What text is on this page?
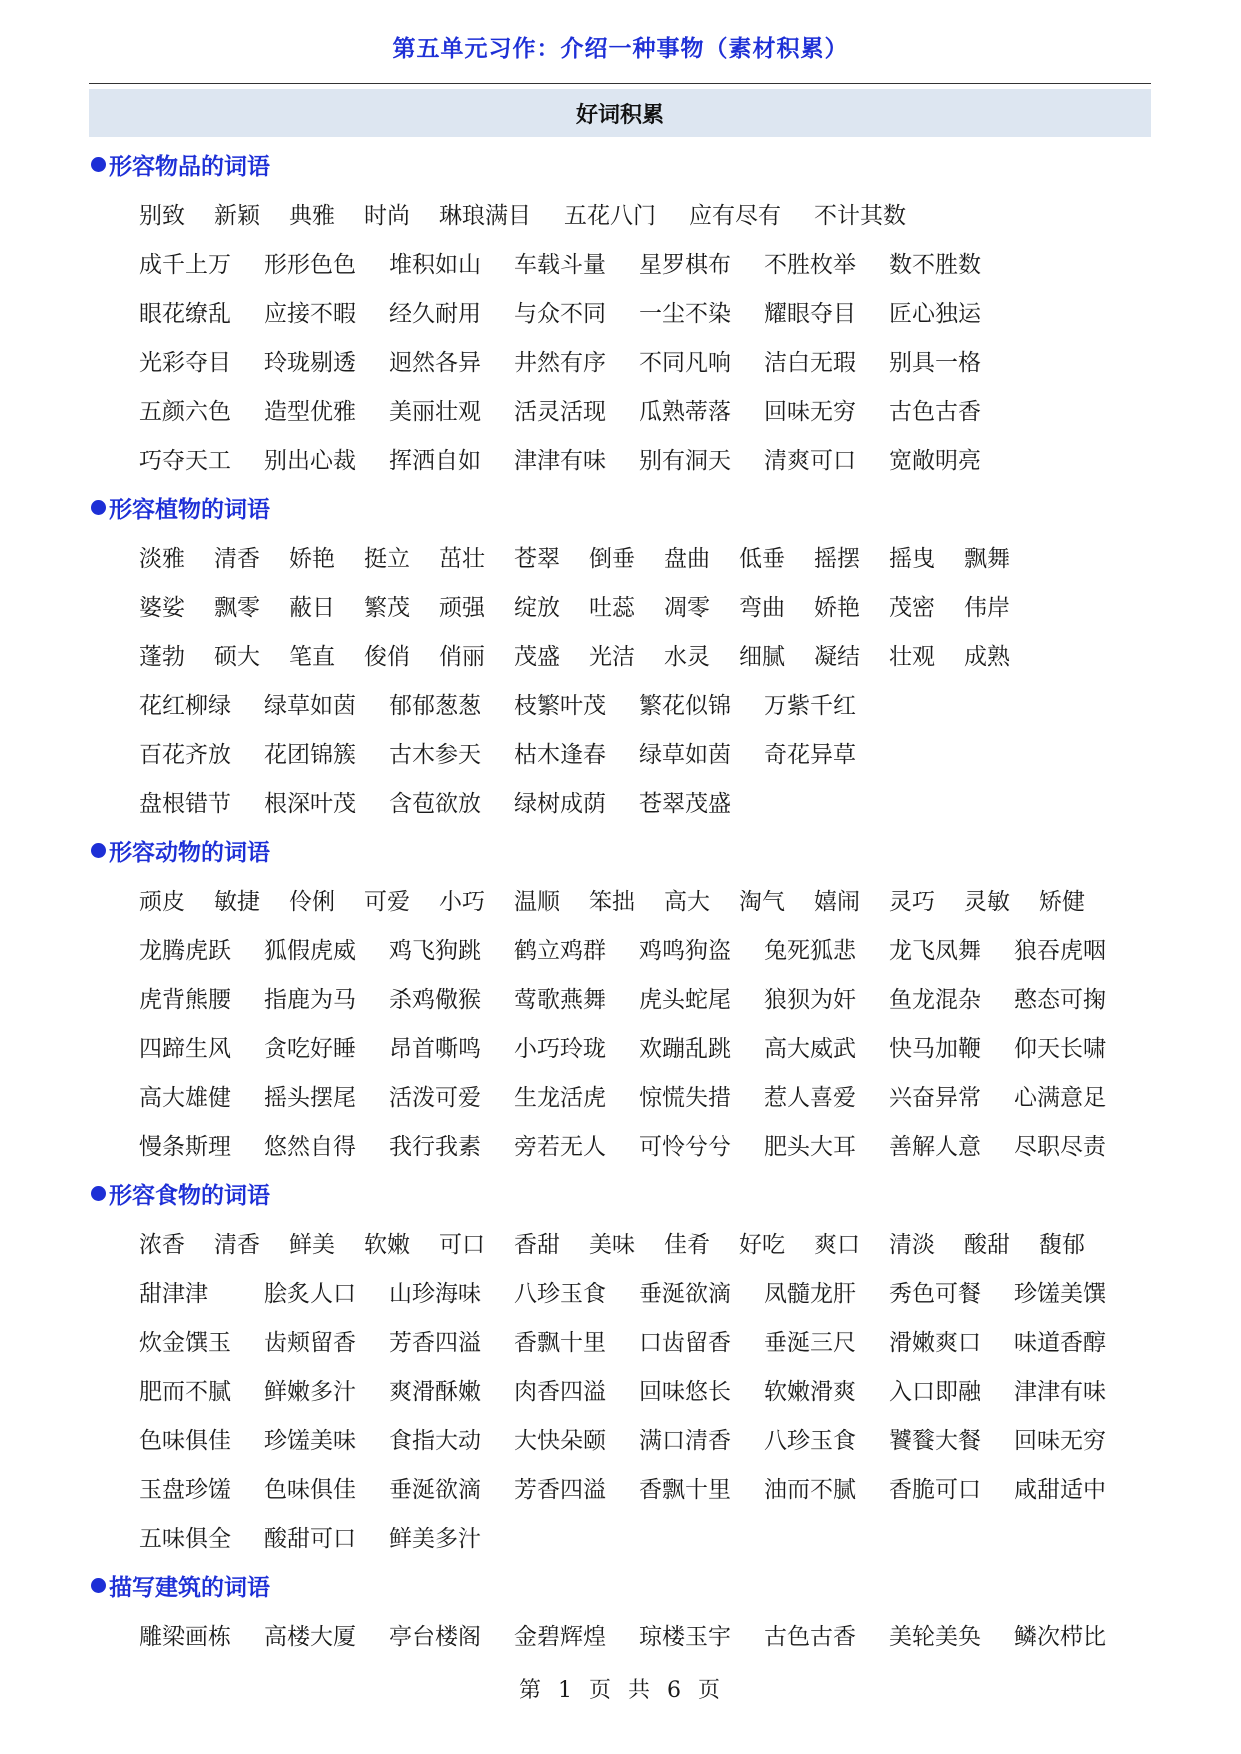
第五单元习作：介绍一种事物（素材积累）
好词积累
形容物品的词语
别致	新颖	典雅	时尚	琳琅满目	五花八门	应有尽有	不计其数
成千上万	形形色色	堆积如山	车载斗量	星罗棋布	不胜枚举	数不胜数
眼花缭乱	应接不暇	经久耐用	与众不同	一尘不染	耀眼夺目	匠心独运
光彩夺目	玲珑剔透	迥然各异	井然有序	不同凡响	洁白无瑕	别具一格
五颜六色	造型优雅	美丽壮观	活灵活现	瓜熟蒂落	回味无穷	古色古香
巧夺天工	别出心裁	挥洒自如	津津有味	别有洞天	清爽可口	宽敞明亮
形容植物的词语
淡雅	清香	娇艳	挺立	茁壮	苍翠	倒垂	盘曲	低垂	摇摆	摇曳	飘舞
婆娑	飘零	蔽日	繁茂	顽强	绽放	吐蕊	凋零	弯曲	娇艳	茂密	伟岸
蓬勃	硕大	笔直	俊俏	俏丽	茂盛	光洁	水灵	细腻	凝结	壮观	成熟
花红柳绿	绿草如茵	郁郁葱葱	枝繁叶茂	繁花似锦	万紫千红
百花齐放	花团锦簇	古木参天	枯木逢春	绿草如茵	奇花异草
盘根错节	根深叶茂	含苞欲放	绿树成荫	苍翠茂盛
形容动物的词语
顽皮	敏捷	伶俐	可爱	小巧	温顺	笨拙	高大	淘气	嬉闹	灵巧	灵敏	矫健
龙腾虎跃	狐假虎威	鸡飞狗跳	鹤立鸡群	鸡鸣狗盗	兔死狐悲	龙飞凤舞	狼吞虎咽
虎背熊腰	指鹿为马	杀鸡儆猴	莺歌燕舞	虎头蛇尾	狼狈为奸	鱼龙混杂	憨态可掬
四蹄生风	贪吃好睡	昂首嘶鸣	小巧玲珑	欢蹦乱跳	高大威武	快马加鞭	仰天长啸
高大雄健	摇头摆尾	活泼可爱	生龙活虎	惊慌失措	惹人喜爱	兴奋异常	心满意足
慢条斯理	悠然自得	我行我素	旁若无人	可怜兮兮	肥头大耳	善解人意	尽职尽责
形容食物的词语
浓香	清香	鲜美	软嫩	可口	香甜	美味	佳肴	好吃	爽口	清淡	酸甜	馥郁
甜津津	脍炙人口	山珍海味	八珍玉食	垂涎欲滴	凤髓龙肝	秀色可餐	珍馐美馔
炊金馔玉	齿颊留香	芳香四溢	香飘十里	口齿留香	垂涎三尺	滑嫩爽口	味道香醇
肥而不腻	鲜嫩多汁	爽滑酥嫩	肉香四溢	回味悠长	软嫩滑爽	入口即融	津津有味
色味俱佳	珍馐美味	食指大动	大快朵颐	满口清香	八珍玉食	饕餮大餐	回味无穷
玉盘珍馐	色味俱佳	垂涎欲滴	芳香四溢	香飘十里	油而不腻	香脆可口	咸甜适中
五味俱全	酸甜可口	鲜美多汁
描写建筑的词语
雕梁画栋	高楼大厦	亭台楼阁	金碧辉煌	琼楼玉宇	古色古香	美轮美奂	鳞次栉比
第 1 页 共 6 页
